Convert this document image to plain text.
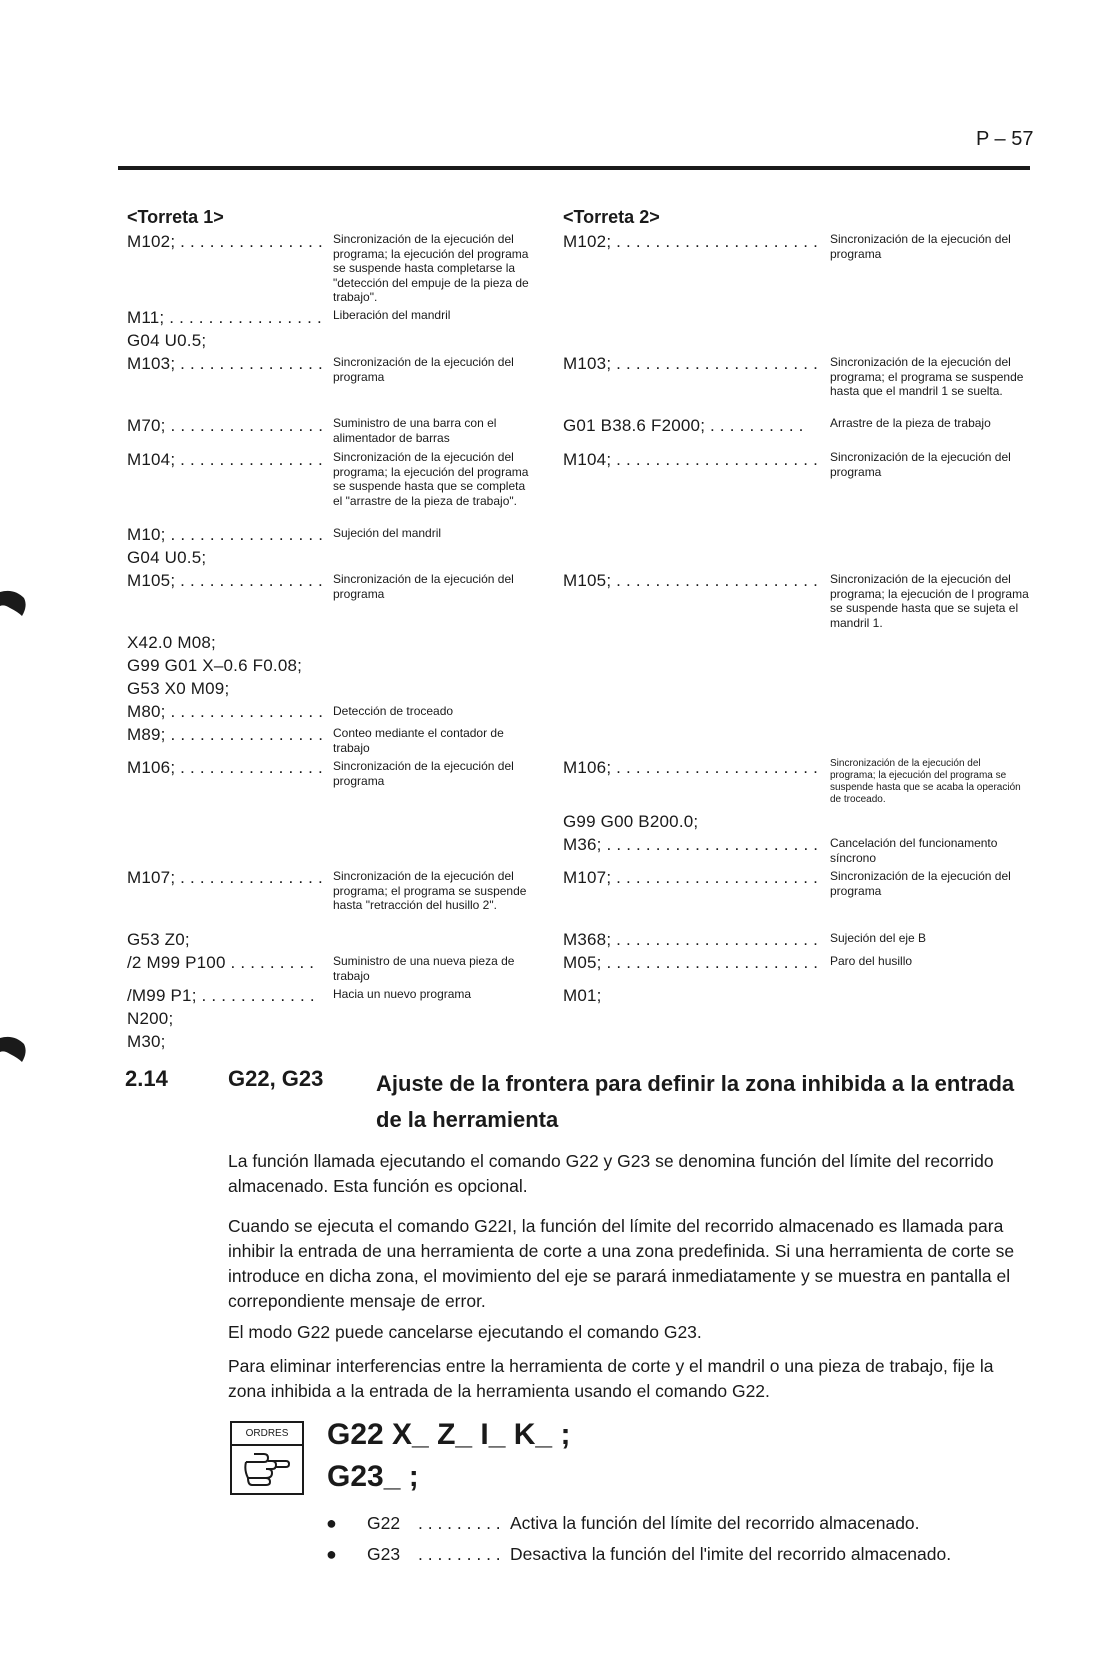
P – 57
<Torreta 1>
M102; . . . . . . . . . . . . . . . Sincronización de la ejecución del programa; la ejecución del programa se suspende hasta completarse la "detección del empuje de la pieza de trabajo".
M11; . . . . . . . . . . . . . . . . Liberación del mandril
G04 U0.5;
M103; . . . . . . . . . . . . . . . Sincronización de la ejecución del programa
M70; . . . . . . . . . . . . . . . . Suministro de una barra con el alimentador de barras
M104; . . . . . . . . . . . . . . . Sincronización de la ejecución del programa; la ejecución del programa se suspende hasta que se completa el "arrastre de la pieza de trabajo".
M10; . . . . . . . . . . . . . . . . Sujeción del mandril
G04 U0.5;
M105; . . . . . . . . . . . . . . . Sincronización de la ejecución del programa
X42.0 M08;
G99 G01 X–0.6 F0.08;
G53 X0 M09;
M80; . . . . . . . . . . . . . . . . Detección de troceado
M89; . . . . . . . . . . . . . . . . Conteo mediante el contador de trabajo
M106; . . . . . . . . . . . . . . . Sincronización de la ejecución del programa
M107; . . . . . . . . . . . . . . . Sincronización de la ejecución del programa; el programa se suspende hasta "retracción del husillo 2".
G53 Z0;
/2 M99 P100 . . . . . . . . . Suministro de una nueva pieza de trabajo
/M99 P1; . . . . . . . . . . . . Hacia un nuevo programa
N200;
M30;
<Torreta 2>
M102; . . . . . . . . . . . . . . . . . . . . . Sincronización de la ejecución del programa
M103; . . . . . . . . . . . . . . . . . . . . . Sincronización de la ejecución del programa; el programa se suspende hasta que el mandril 1 se suelta.
G01 B38.6 F2000; . . . . . . . . . . Arrastre de la pieza de trabajo
M104; . . . . . . . . . . . . . . . . . . . . . Sincronización de la ejecución del programa
M105; . . . . . . . . . . . . . . . . . . . . . Sincronización de la ejecución del programa; la ejecución de l programa se suspende hasta que se sujeta el mandril 1.
M106; . . . . . . . . . . . . . . . . . . . . . Sincronización de la ejecución del programa; la ejecución del programa se suspende hasta que se acaba la operación de troceado.
G99 G00 B200.0;
M36; . . . . . . . . . . . . . . . . . . . . . . Cancelación del funcionamento síncrono
M107; . . . . . . . . . . . . . . . . . . . . . Sincronización de la ejecución del programa
M368; . . . . . . . . . . . . . . . . . . . . . Sujeción del eje B
M05; . . . . . . . . . . . . . . . . . . . . . . Paro del husillo
M01;
2.14	G22, G23 Ajuste de la frontera para definir la zona inhibida a la entrada de la herramienta
La función llamada ejecutando el comando G22 y G23 se denomina función del límite del recorrido almacenado. Esta función es opcional.
Cuando se ejecuta el comando G22I, la función del límite del recorrido almacenado es llamada para inhibir la entrada de una herramienta de corte a una zona predefinida. Si una herramienta de corte se introduce en dicha zona, el movimiento del eje se parará inmediatamente y se muestra en pantalla el correpondiente mensaje de error.
El modo G22 puede cancelarse ejecutando el comando G23.
Para eliminar interferencias entre la herramienta de corte y el mandril o una pieza de trabajo, fije la zona inhibida a la entrada de la herramienta usando el comando G22.
ORDRES	G22 X_ Z_ I_ K_ ;
G23_ ;
● G22 . . . . . . . . . Activa la función del límite del recorrido almacenado.
● G23 . . . . . . . . . Desactiva la función del l'imite del recorrido almacenado.
